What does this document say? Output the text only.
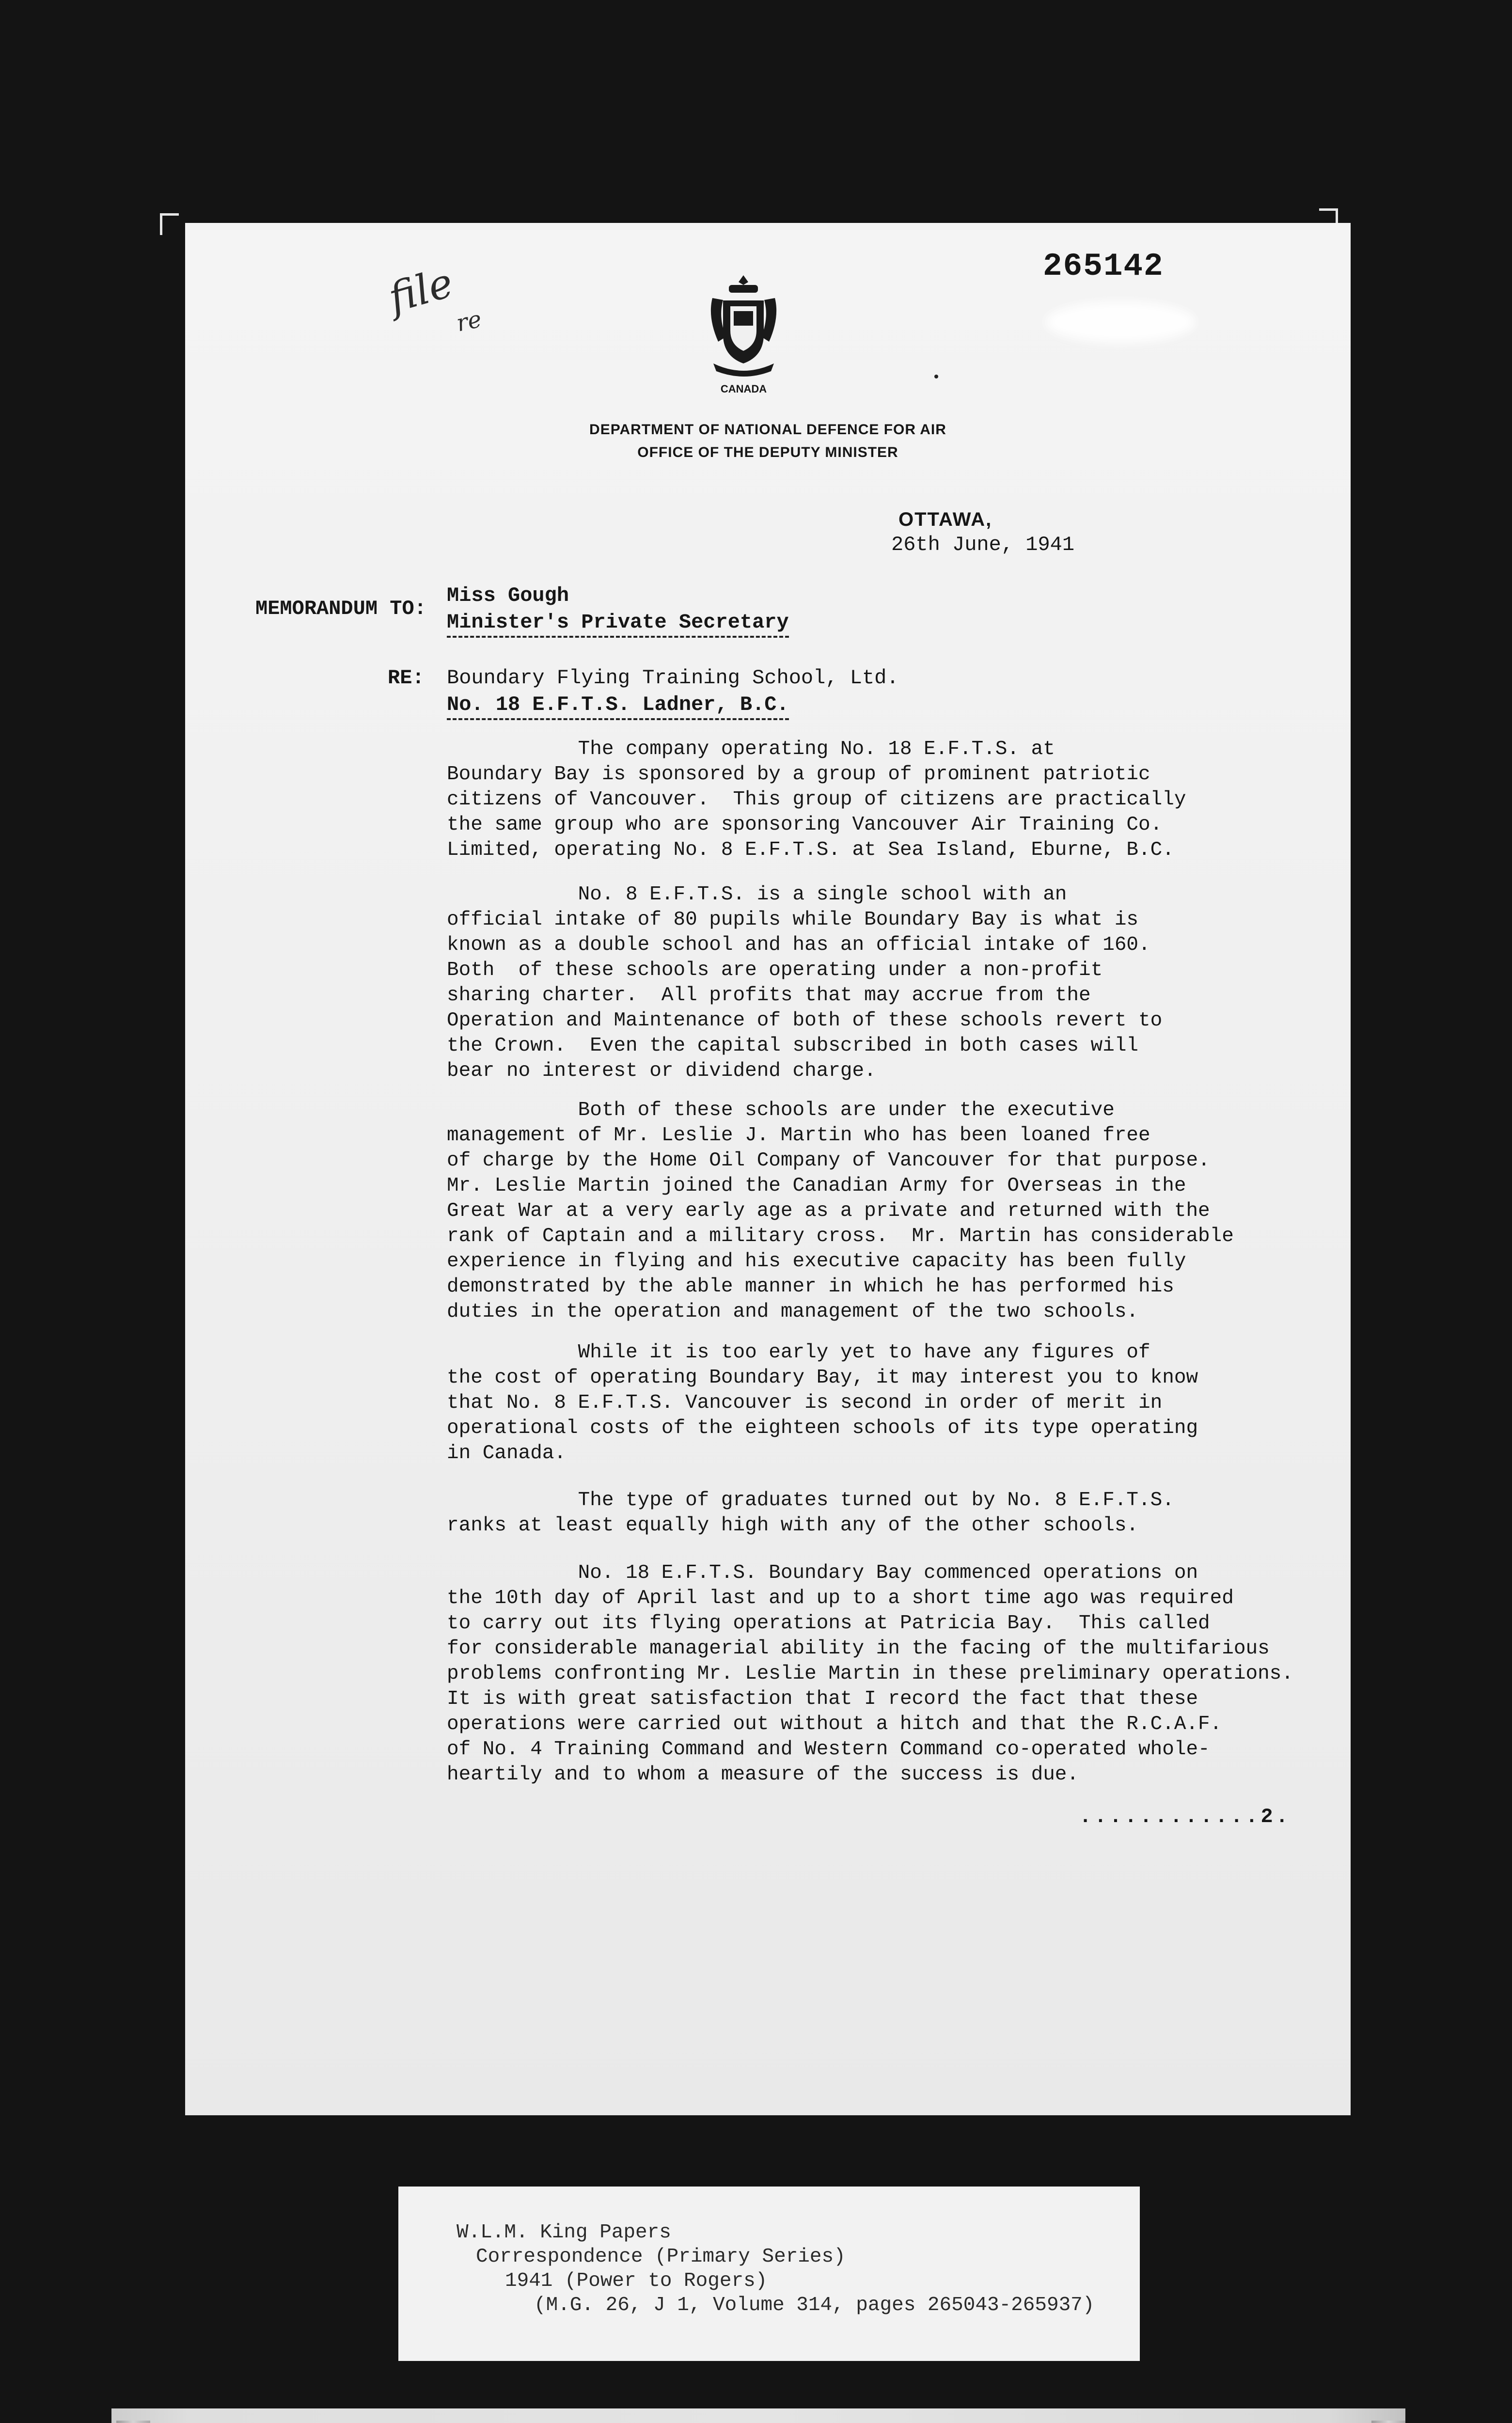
265142
file
re
CANADA
DEPARTMENT OF NATIONAL DEFENCE FOR AIR
OFFICE OF THE DEPUTY MINISTER
OTTAWA,
26th June, 1941
MEMORANDUM TO:
Miss Gough
Minister's Private Secretary
RE: Boundary Flying Training School, Ltd.
No. 18 E.F.T.S. Ladner, B.C.

The company operating No. 18 E.F.T.S. at
Boundary Bay is sponsored by a group of prominent patriotic
citizens of Vancouver.  This group of citizens are practically
the same group who are sponsoring Vancouver Air Training Co.
Limited, operating No. 8 E.F.T.S. at Sea Island, Eburne, B.C.

No. 8 E.F.T.S. is a single school with an
official intake of 80 pupils while Boundary Bay is what is
known as a double school and has an official intake of 160.
Both  of these schools are operating under a non-profit
sharing charter.  All profits that may accrue from the
Operation and Maintenance of both of these schools revert to
the Crown.  Even the capital subscribed in both cases will
bear no interest or dividend charge.

Both of these schools are under the executive
management of Mr. Leslie J. Martin who has been loaned free
of charge by the Home Oil Company of Vancouver for that purpose.
Mr. Leslie Martin joined the Canadian Army for Overseas in the
Great War at a very early age as a private and returned with the
rank of Captain and a military cross.  Mr. Martin has considerable
experience in flying and his executive capacity has been fully
demonstrated by the able manner in which he has performed his
duties in the operation and management of the two schools.

While it is too early yet to have any figures of
the cost of operating Boundary Bay, it may interest you to know
that No. 8 E.F.T.S. Vancouver is second in order of merit in
operational costs of the eighteen schools of its type operating
in Canada.

The type of graduates turned out by No. 8 E.F.T.S.
ranks at least equally high with any of the other schools.

No. 18 E.F.T.S. Boundary Bay commenced operations on
the 10th day of April last and up to a short time ago was required
to carry out its flying operations at Patricia Bay.  This called
for considerable managerial ability in the facing of the multifarious
problems confronting Mr. Leslie Martin in these preliminary operations.
It is with great satisfaction that I record the fact that these
operations were carried out without a hitch and that the R.C.A.F.
of No. 4 Training Command and Western Command co-operated whole-
heartily and to whom a measure of the success is due.

............2.
W.L.M. King Papers
Correspondence (Primary Series)
1941 (Power to Rogers)
(M.G. 26, J 1, Volume 314, pages 265043-265937)
